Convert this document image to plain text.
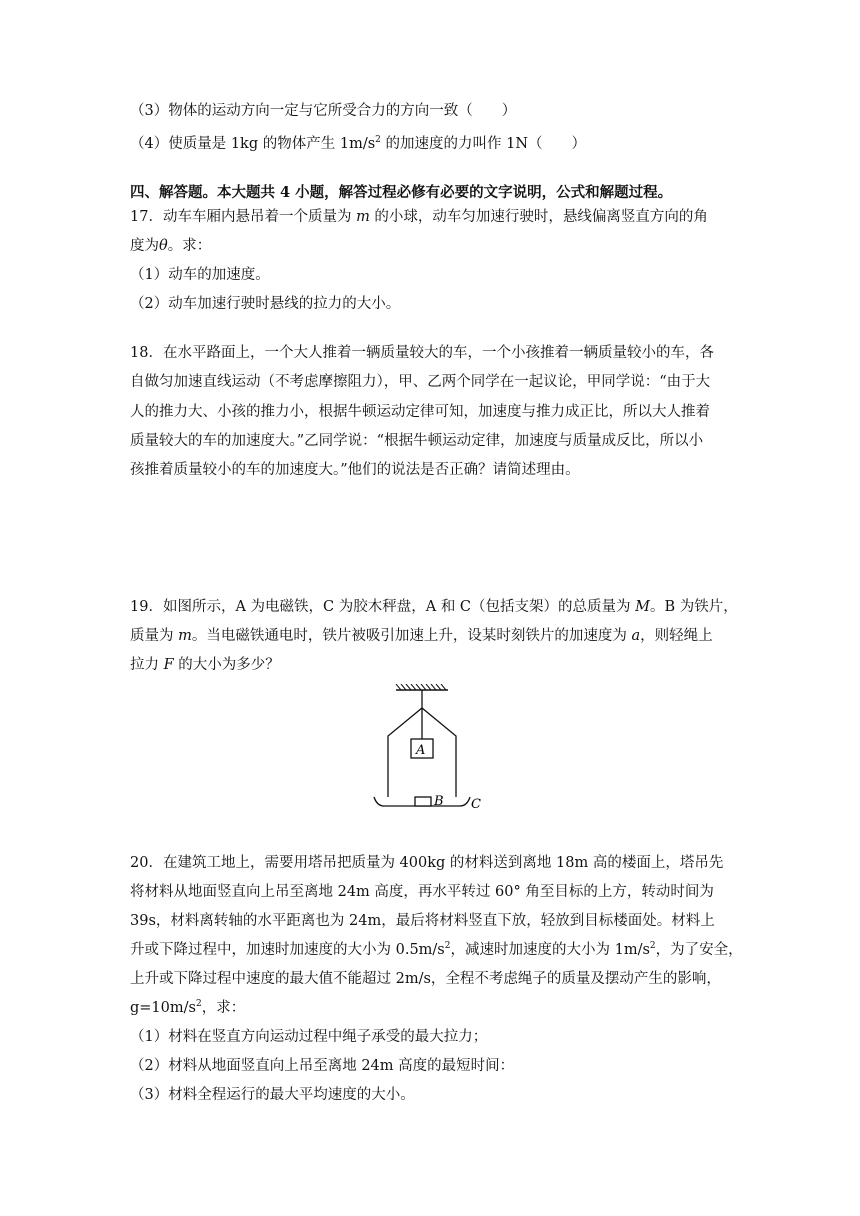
（3）物体的运动方向一定与它所受合力的方向一致（　　）
（4）使质量是 1kg 的物体产生 $1m/s^2$ 的加速度的力叫作 1N（　　）
四、解答题。本大题共 4 小题，解答过程必修有必要的文字说明，公式和解题过程。
17．动车车厢内悬吊着一个质量为 m 的小球，动车匀加速行驶时，悬线偏离竖直方向的角
度为θ。求：
（1）动车的加速度。
（2）动车加速行驶时悬线的拉力的大小。
18．在水平路面上，一个大人推着一辆质量较大的车，一个小孩推着一辆质量较小的车，各
自做匀加速直线运动（不考虑摩擦阻力），甲、乙两个同学在一起议论，甲同学说：“由于大
人的推力大、小孩的推力小，根据牛顿运动定律可知，加速度与推力成正比，所以大人推着
质量较大的车的加速度大。”乙同学说：“根据牛顿运动定律，加速度与质量成反比，所以小
孩推着质量较小的车的加速度大。”他们的说法是否正确？请简述理由。
19．如图所示，A 为电磁铁，C 为胶木秤盘，A 和 C（包括支架）的总质量为 M。B 为铁片，
质量为 m。当电磁铁通电时，铁片被吸引加速上升，设某时刻铁片的加速度为 a，则轻绳上
拉力 F 的大小为多少？
A
B C
20．在建筑工地上，需要用塔吊把质量为 400kg 的材料送到离地 18m 高的楼面上，塔吊先
将材料从地面竖直向上吊至离地 24m 高度，再水平转过 60° 角至目标的上方，转动时间为
39s，材料离转轴的水平距离也为 24m，最后将材料竖直下放，轻放到目标楼面处。材料上
升或下降过程中，加速时加速度的大小为 $0.5m/s^2$，减速时加速度的大小为 $1m/s^2$，为了安全，
上升或下降过程中速度的最大值不能超过 2m/s，全程不考虑绳子的质量及摆动产生的影响，
$g=10m/s^2$，求：
（1）材料在竖直方向运动过程中绳子承受的最大拉力；
（2）材料从地面竖直向上吊至离地 24m 高度的最短时间：
（3）材料全程运行的最大平均速度的大小。
